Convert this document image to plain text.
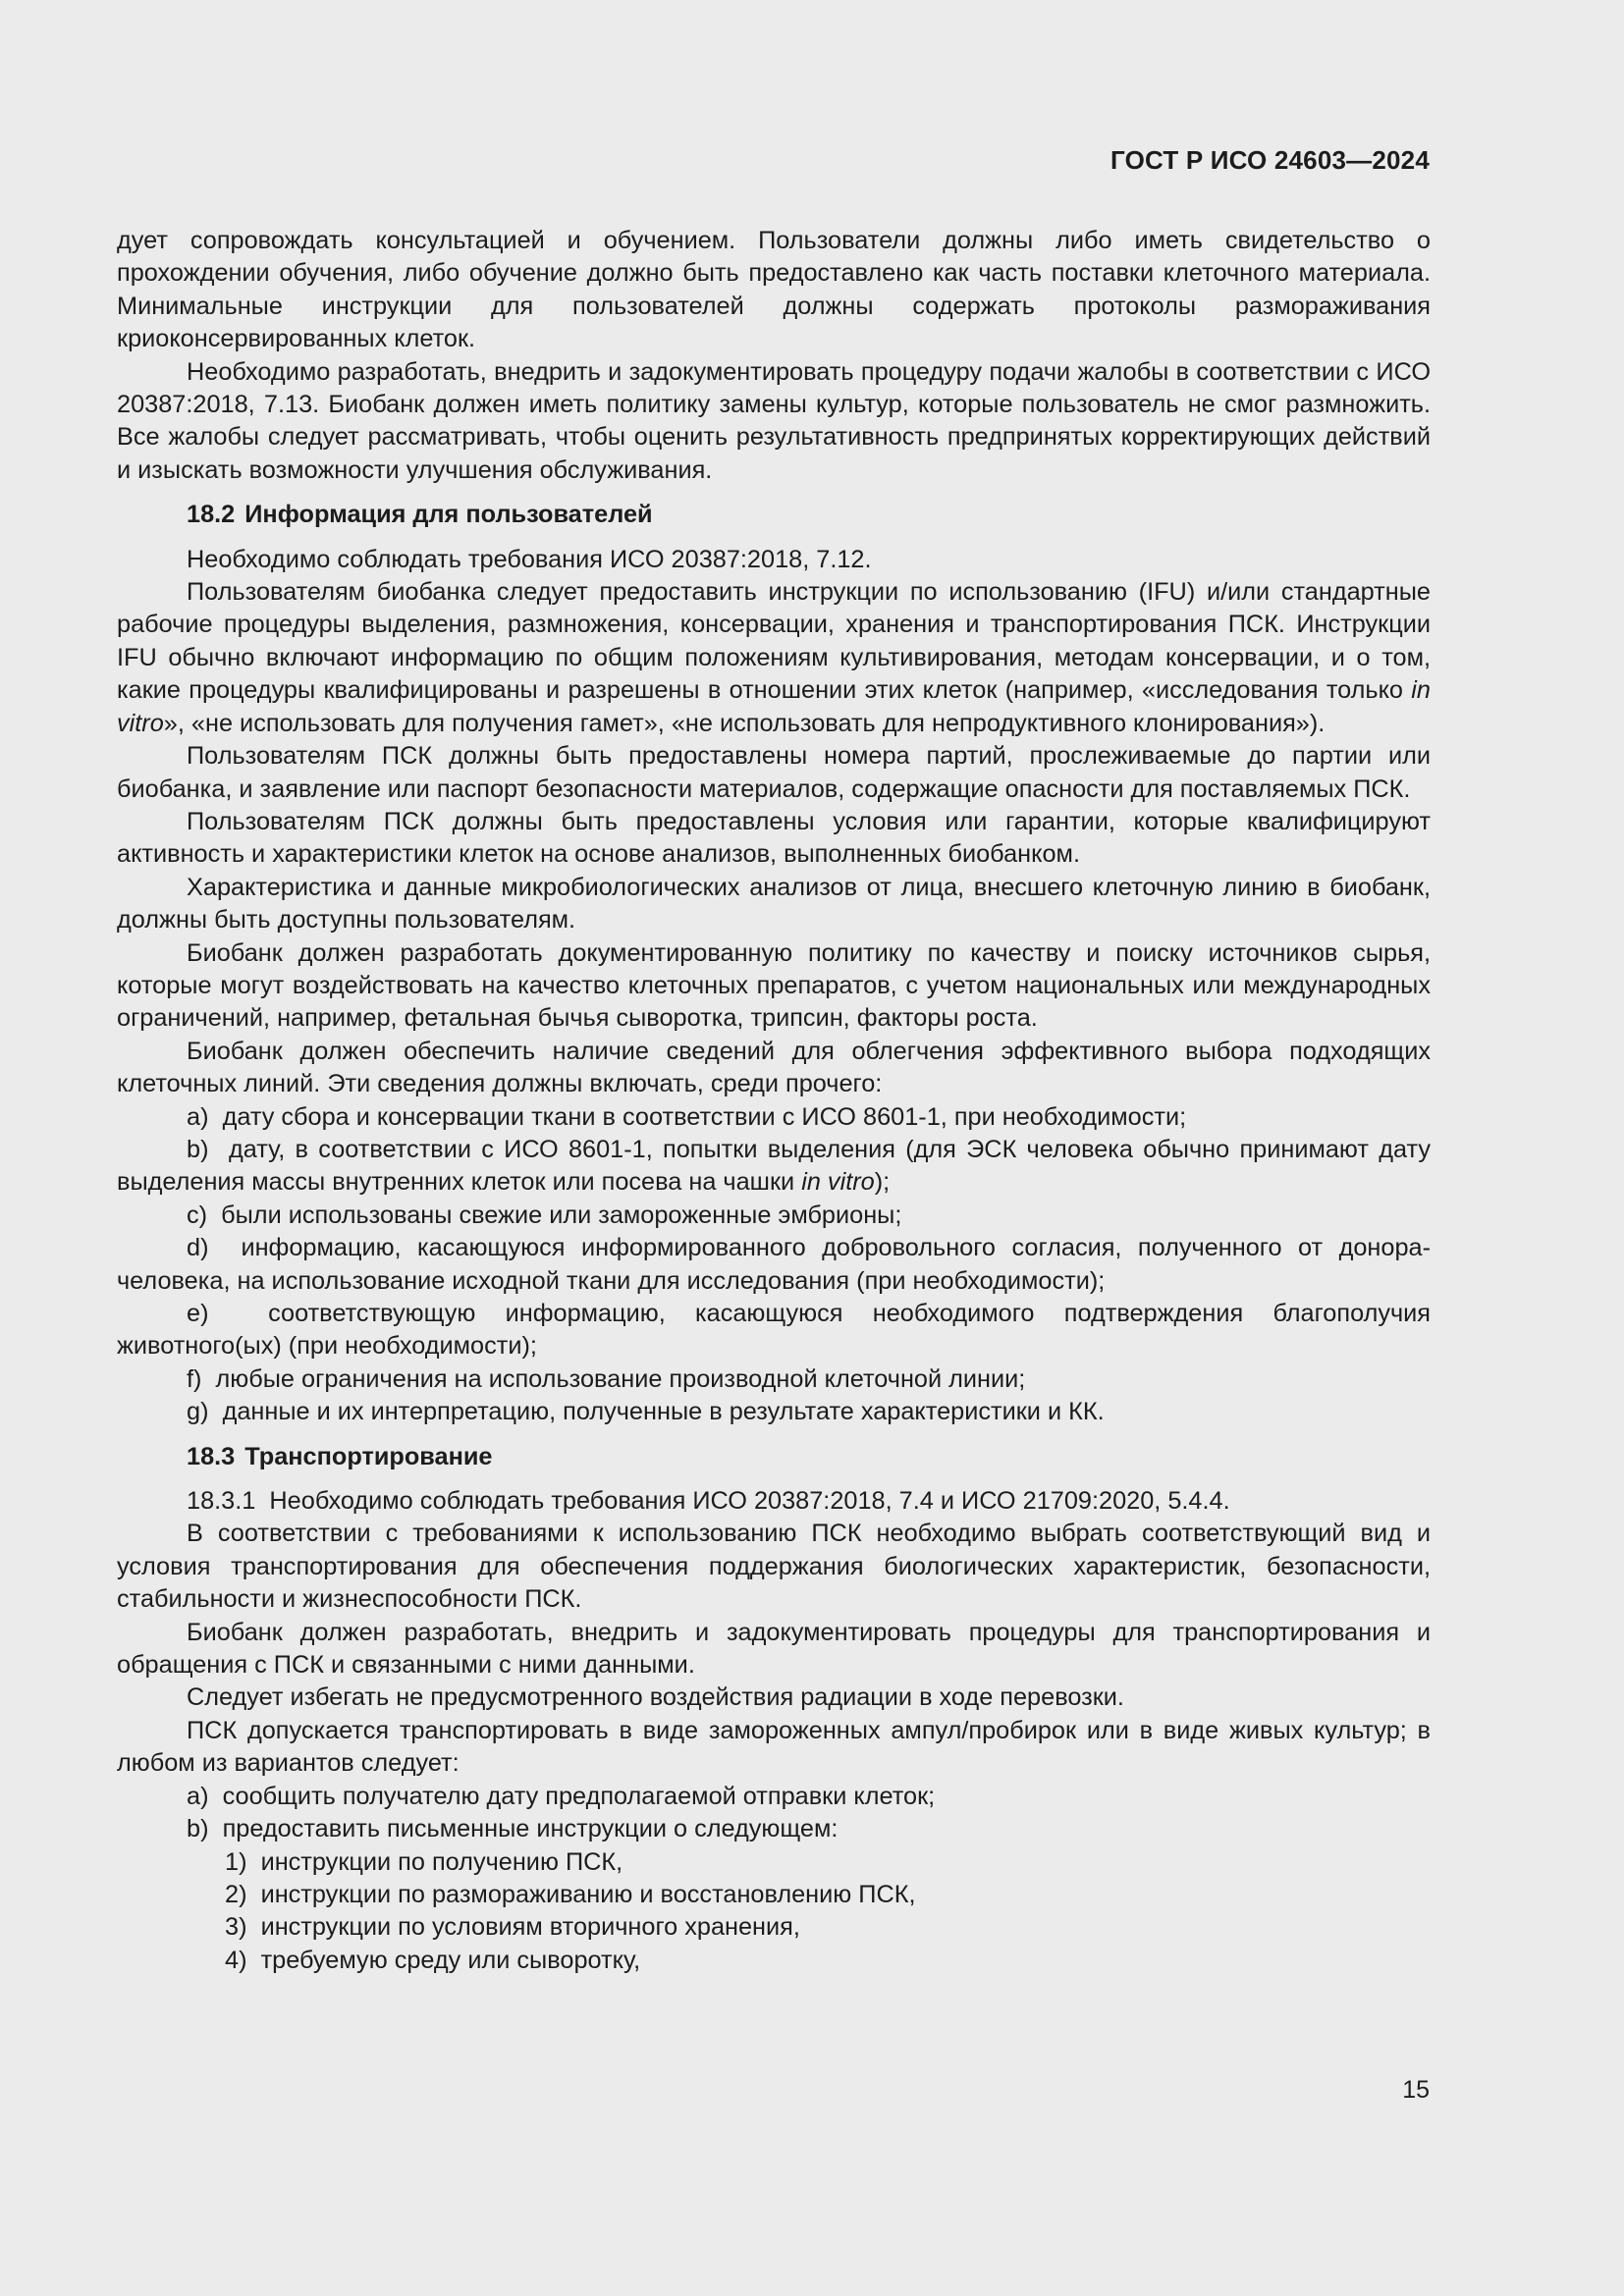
ГОСТ Р ИСО 24603—2024

дует сопровождать консультацией и обучением. Пользователи должны либо иметь свидетельство о прохождении обучения, либо обучение должно быть предоставлено как часть поставки клеточного материала. Минимальные инструкции для пользователей должны содержать протоколы размораживания криоконсервированных клеток.

Необходимо разработать, внедрить и задокументировать процедуру подачи жалобы в соответствии с ИСО 20387:2018, 7.13. Биобанк должен иметь политику замены культур, которые пользователь не смог размножить. Все жалобы следует рассматривать, чтобы оценить результативность предпринятых корректирующих действий и изыскать возможности улучшения обслуживания.

18.2 Информация для пользователей

Необходимо соблюдать требования ИСО 20387:2018, 7.12.

Пользователям биобанка следует предоставить инструкции по использованию (IFU) и/или стандартные рабочие процедуры выделения, размножения, консервации, хранения и транспортирования ПСК. Инструкции IFU обычно включают информацию по общим положениям культивирования, методам консервации, и о том, какие процедуры квалифицированы и разрешены в отношении этих клеток (например, «исследования только in vitro», «не использовать для получения гамет», «не использовать для непродуктивного клонирования»).

Пользователям ПСК должны быть предоставлены номера партий, прослеживаемые до партии или биобанка, и заявление или паспорт безопасности материалов, содержащие опасности для поставляемых ПСК.

Пользователям ПСК должны быть предоставлены условия или гарантии, которые квалифицируют активность и характеристики клеток на основе анализов, выполненных биобанком.

Характеристика и данные микробиологических анализов от лица, внесшего клеточную линию в биобанк, должны быть доступны пользователям.

Биобанк должен разработать документированную политику по качеству и поиску источников сырья, которые могут воздействовать на качество клеточных препаратов, с учетом национальных или международных ограничений, например, фетальная бычья сыворотка, трипсин, факторы роста.

Биобанк должен обеспечить наличие сведений для облегчения эффективного выбора подходящих клеточных линий. Эти сведения должны включать, среди прочего:

a) дату сбора и консервации ткани в соответствии с ИСО 8601-1, при необходимости;

b) дату, в соответствии с ИСО 8601-1, попытки выделения (для ЭСК человека обычно принимают дату выделения массы внутренних клеток или посева на чашки in vitro);

c) были использованы свежие или замороженные эмбрионы;

d) информацию, касающуюся информированного добровольного согласия, полученного от донора-человека, на использование исходной ткани для исследования (при необходимости);

e) соответствующую информацию, касающуюся необходимого подтверждения благополучия животного(ых) (при необходимости);

f) любые ограничения на использование производной клеточной линии;

g) данные и их интерпретацию, полученные в результате характеристики и КК.

18.3 Транспортирование

18.3.1 Необходимо соблюдать требования ИСО 20387:2018, 7.4 и ИСО 21709:2020, 5.4.4.

В соответствии с требованиями к использованию ПСК необходимо выбрать соответствующий вид и условия транспортирования для обеспечения поддержания биологических характеристик, безопасности, стабильности и жизнеспособности ПСК.

Биобанк должен разработать, внедрить и задокументировать процедуры для транспортирования и обращения с ПСК и связанными с ними данными.

Следует избегать не предусмотренного воздействия радиации в ходе перевозки.

ПСК допускается транспортировать в виде замороженных ампул/пробирок или в виде живых культур; в любом из вариантов следует:

a) сообщить получателю дату предполагаемой отправки клеток;

b) предоставить письменные инструкции о следующем:

1) инструкции по получению ПСК,

2) инструкции по размораживанию и восстановлению ПСК,

3) инструкции по условиям вторичного хранения,

4) требуемую среду или сыворотку,

15
